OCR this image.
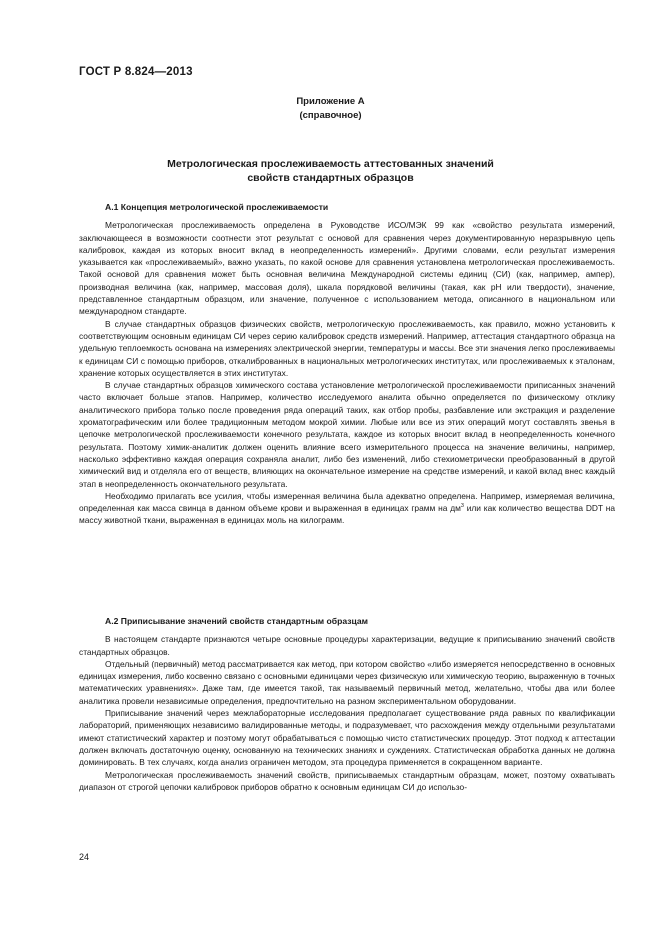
ГОСТ Р 8.824—2013
Приложение А
(справочное)
Метрологическая прослеживаемость аттестованных значений
свойств стандартных образцов

А.1 Концепция метрологической прослеживаемости

Метрологическая прослеживаемость определена в Руководстве ИСО/МЭК 99 как «свойство результата измерений, заключающееся в возможности соотнести этот результат с основой для сравнения через документированную неразрывную цепь калибровок, каждая из которых вносит вклад в неопределенность измерений». Другими словами, если результат измерения указывается как «прослеживаемый», важно указать, по какой основе для сравнения установлена метрологическая прослеживаемость. Такой основой для сравнения может быть основная величина Международной системы единиц (СИ) (как, например, ампер), производная величина (как, например, массовая доля), шкала порядковой величины (такая, как pH или твердости), значение, представленное стандартным образцом, или значение, полученное с использованием метода, описанного в национальном или международном стандарте.

В случае стандартных образцов физических свойств, метрологическую прослеживаемость, как правило, можно установить к соответствующим основным единицам СИ через серию калибровок средств измерений. Например, аттестация стандартного образца на удельную теплоемкость основана на измерениях электрической энергии, температуры и массы. Все эти значения легко прослеживаемы к единицам СИ с помощью приборов, откалиброванных в национальных метрологических институтах, или прослеживаемых к эталонам, хранение которых осуществляется в этих институтах.

В случае стандартных образцов химического состава установление метрологической прослеживаемости приписанных значений часто включает больше этапов. Например, количество исследуемого аналита обычно определяется по физическому отклику аналитического прибора только после проведения ряда операций таких, как отбор пробы, разбавление или экстракция и разделение хроматографическим или более традиционным методом мокрой химии. Любые или все из этих операций могут составлять звенья в цепочке метрологической прослеживаемости конечного результата, каждое из которых вносит вклад в неопределенность конечного результата. Поэтому химик-аналитик должен оценить влияние всего измерительного процесса на значение величины, например, насколько эффективно каждая операция сохраняла аналит, либо без изменений, либо стехиометрически преобразованный в другой химический вид и отделяла его от веществ, влияющих на окончательное измерение на средстве измерений, и какой вклад внес каждый этап в неопределенность окончательного результата.

Необходимо прилагать все усилия, чтобы измеренная величина была адекватно определена. Например, измеряемая величина, определенная как масса свинца в данном объеме крови и выраженная в единицах грамм на $дм^3$ или как количество вещества DDT на массу животной ткани, выраженная в единицах моль на килограмм.

А.2 Приписывание значений свойств стандартным образцам

В настоящем стандарте признаются четыре основные процедуры характеризации, ведущие к приписыванию значений свойств стандартных образцов.

Отдельный (первичный) метод рассматривается как метод, при котором свойство «либо измеряется непосредственно в основных единицах измерения, либо косвенно связано с основными единицами через физическую или химическую теорию, выраженную в точных математических уравнениях». Даже там, где имеется такой, так называемый первичный метод, желательно, чтобы два или более аналитика провели независимые определения, предпочтительно на разном экспериментальном оборудовании.

Приписывание значений через межлабораторные исследования предполагает существование ряда равных по квалификации лабораторий, применяющих независимо валидированные методы, и подразумевает, что расхождения между отдельными результатами имеют статистический характер и поэтому могут обрабатываться с помощью чисто статистических процедур. Этот подход к аттестации должен включать достаточную оценку, основанную на технических знаниях и суждениях. Статистическая обработка данных не должна доминировать. В тех случаях, когда анализ ограничен методом, эта процедура применяется в сокращенном варианте.

Метрологическая прослеживаемость значений свойств, приписываемых стандартным образцам, может, поэтому охватывать диапазон от строгой цепочки калибровок приборов обратно к основным единицам СИ до использо-

24
